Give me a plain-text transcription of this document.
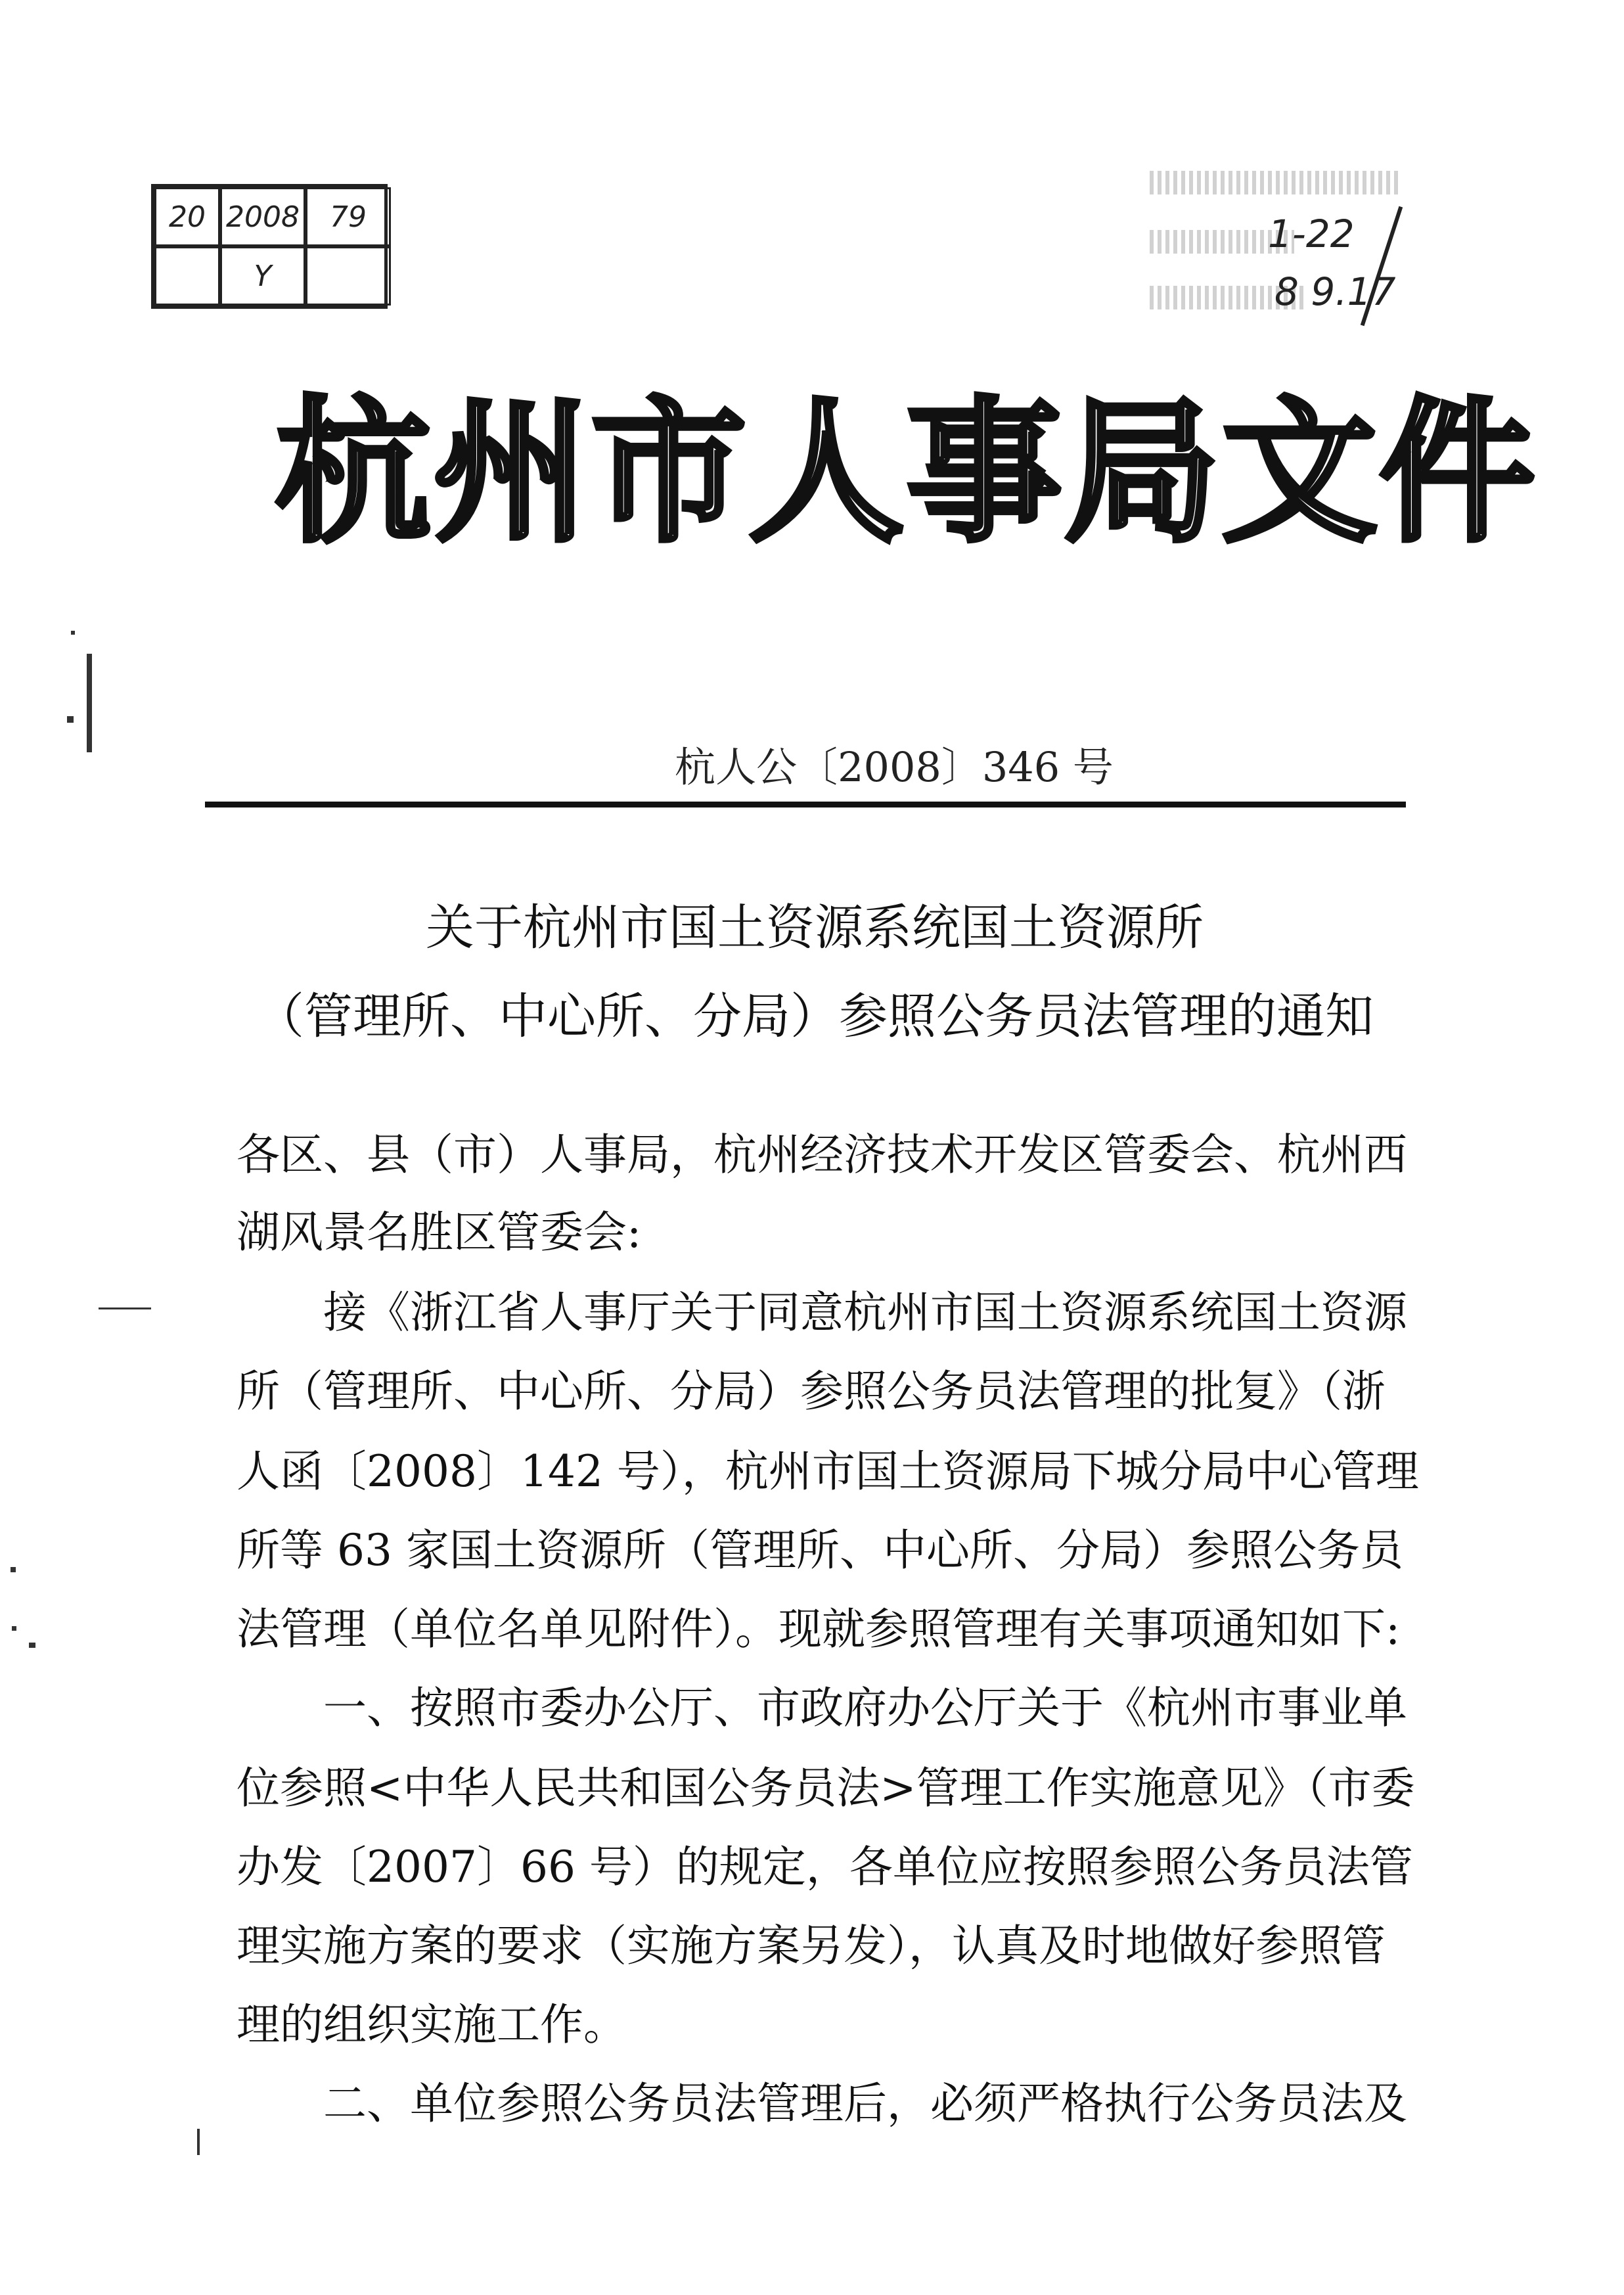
20 2008	79
Y
1-22
8 9.17
杭州市人事局文件
杭人公〔2008〕346 号
关于杭州市国土资源系统国土资源所
（管理所、中心所、分局）参照公务员法管理的通知
各区、县（市）人事局，杭州经济技术开发区管委会、杭州西
湖风景名胜区管委会:
　　接《浙江省人事厅关于同意杭州市国土资源系统国土资源
所（管理所、中心所、分局）参照公务员法管理的批复》（浙
人函〔2008〕142 号），杭州市国土资源局下城分局中心管理
所等 63 家国土资源所（管理所、中心所、分局）参照公务员
法管理（单位名单见附件）。现就参照管理有关事项通知如下:
　　一、按照市委办公厅、市政府办公厅关于《杭州市事业单
位参照<中华人民共和国公务员法>管理工作实施意见》（市委
办发〔2007〕66 号）的规定，各单位应按照参照公务员法管
理实施方案的要求（实施方案另发），认真及时地做好参照管
理的组织实施工作。
　　二、单位参照公务员法管理后，必须严格执行公务员法及
